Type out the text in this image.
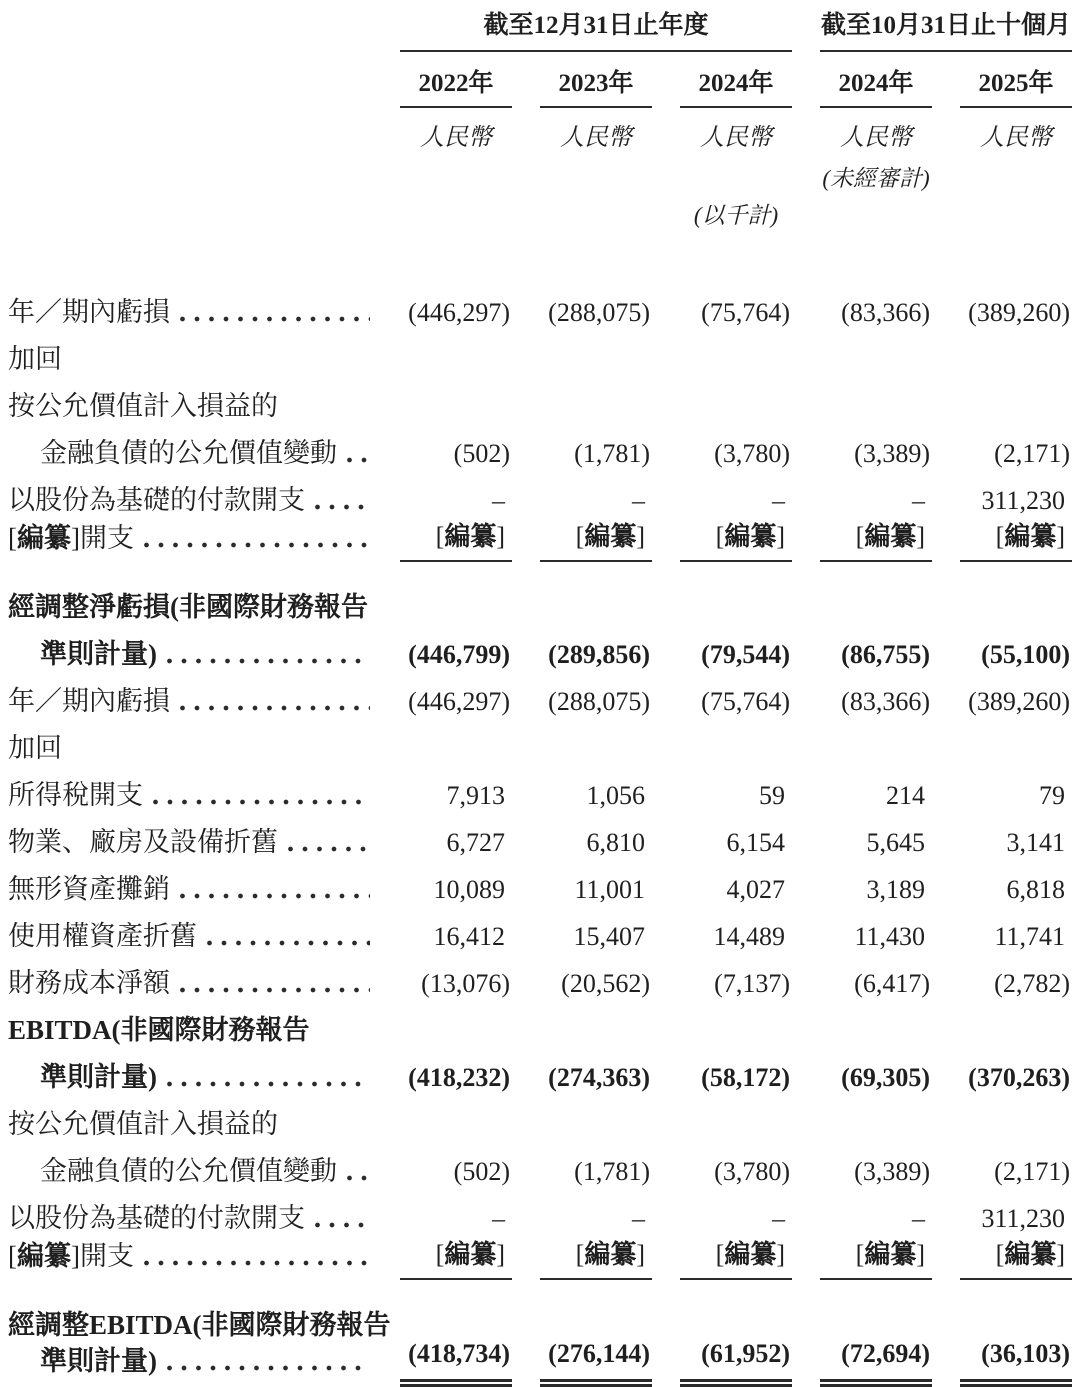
截至12月31日止年度	截至10月31日止十個月
2022年	2023年	2024年	2024年	2025年
人民幣	人民幣	人民幣	人民幣	人民幣
(未經審計)
(以千計)
年／期內虧損	(446,297)	(288,075)	(75,764)	(83,366)	(389,260)
加回
按公允價值計入損益的
金融負債的公允價值變動	(502)	(1,781)	(3,780)	(3,389)	(2,171)
以股份為基礎的付款開支	–	–	–	–	311,230
[編纂]開支	[編纂]	[編纂]	[編纂]	[編纂]	[編纂]
經調整淨虧損(非國際財務報告
準則計量)	(446,799)	(289,856)	(79,544)	(86,755)	(55,100)
年／期內虧損	(446,297)	(288,075)	(75,764)	(83,366)	(389,260)
加回
所得稅開支	7,913	1,056	59	214	79
物業、廠房及設備折舊	6,727	6,810	6,154	5,645	3,141
無形資產攤銷	10,089	11,001	4,027	3,189	6,818
使用權資產折舊	16,412	15,407	14,489	11,430	11,741
財務成本淨額	(13,076)	(20,562)	(7,137)	(6,417)	(2,782)
EBITDA(非國際財務報告
準則計量)	(418,232)	(274,363)	(58,172)	(69,305)	(370,263)
按公允價值計入損益的
金融負債的公允價值變動	(502)	(1,781)	(3,780)	(3,389)	(2,171)
以股份為基礎的付款開支	–	–	–	–	311,230
[編纂]開支	[編纂]	[編纂]	[編纂]	[編纂]	[編纂]
經調整EBITDA(非國際財務報告
準則計量)	(418,734)	(276,144)	(61,952)	(72,694)	(36,103)
